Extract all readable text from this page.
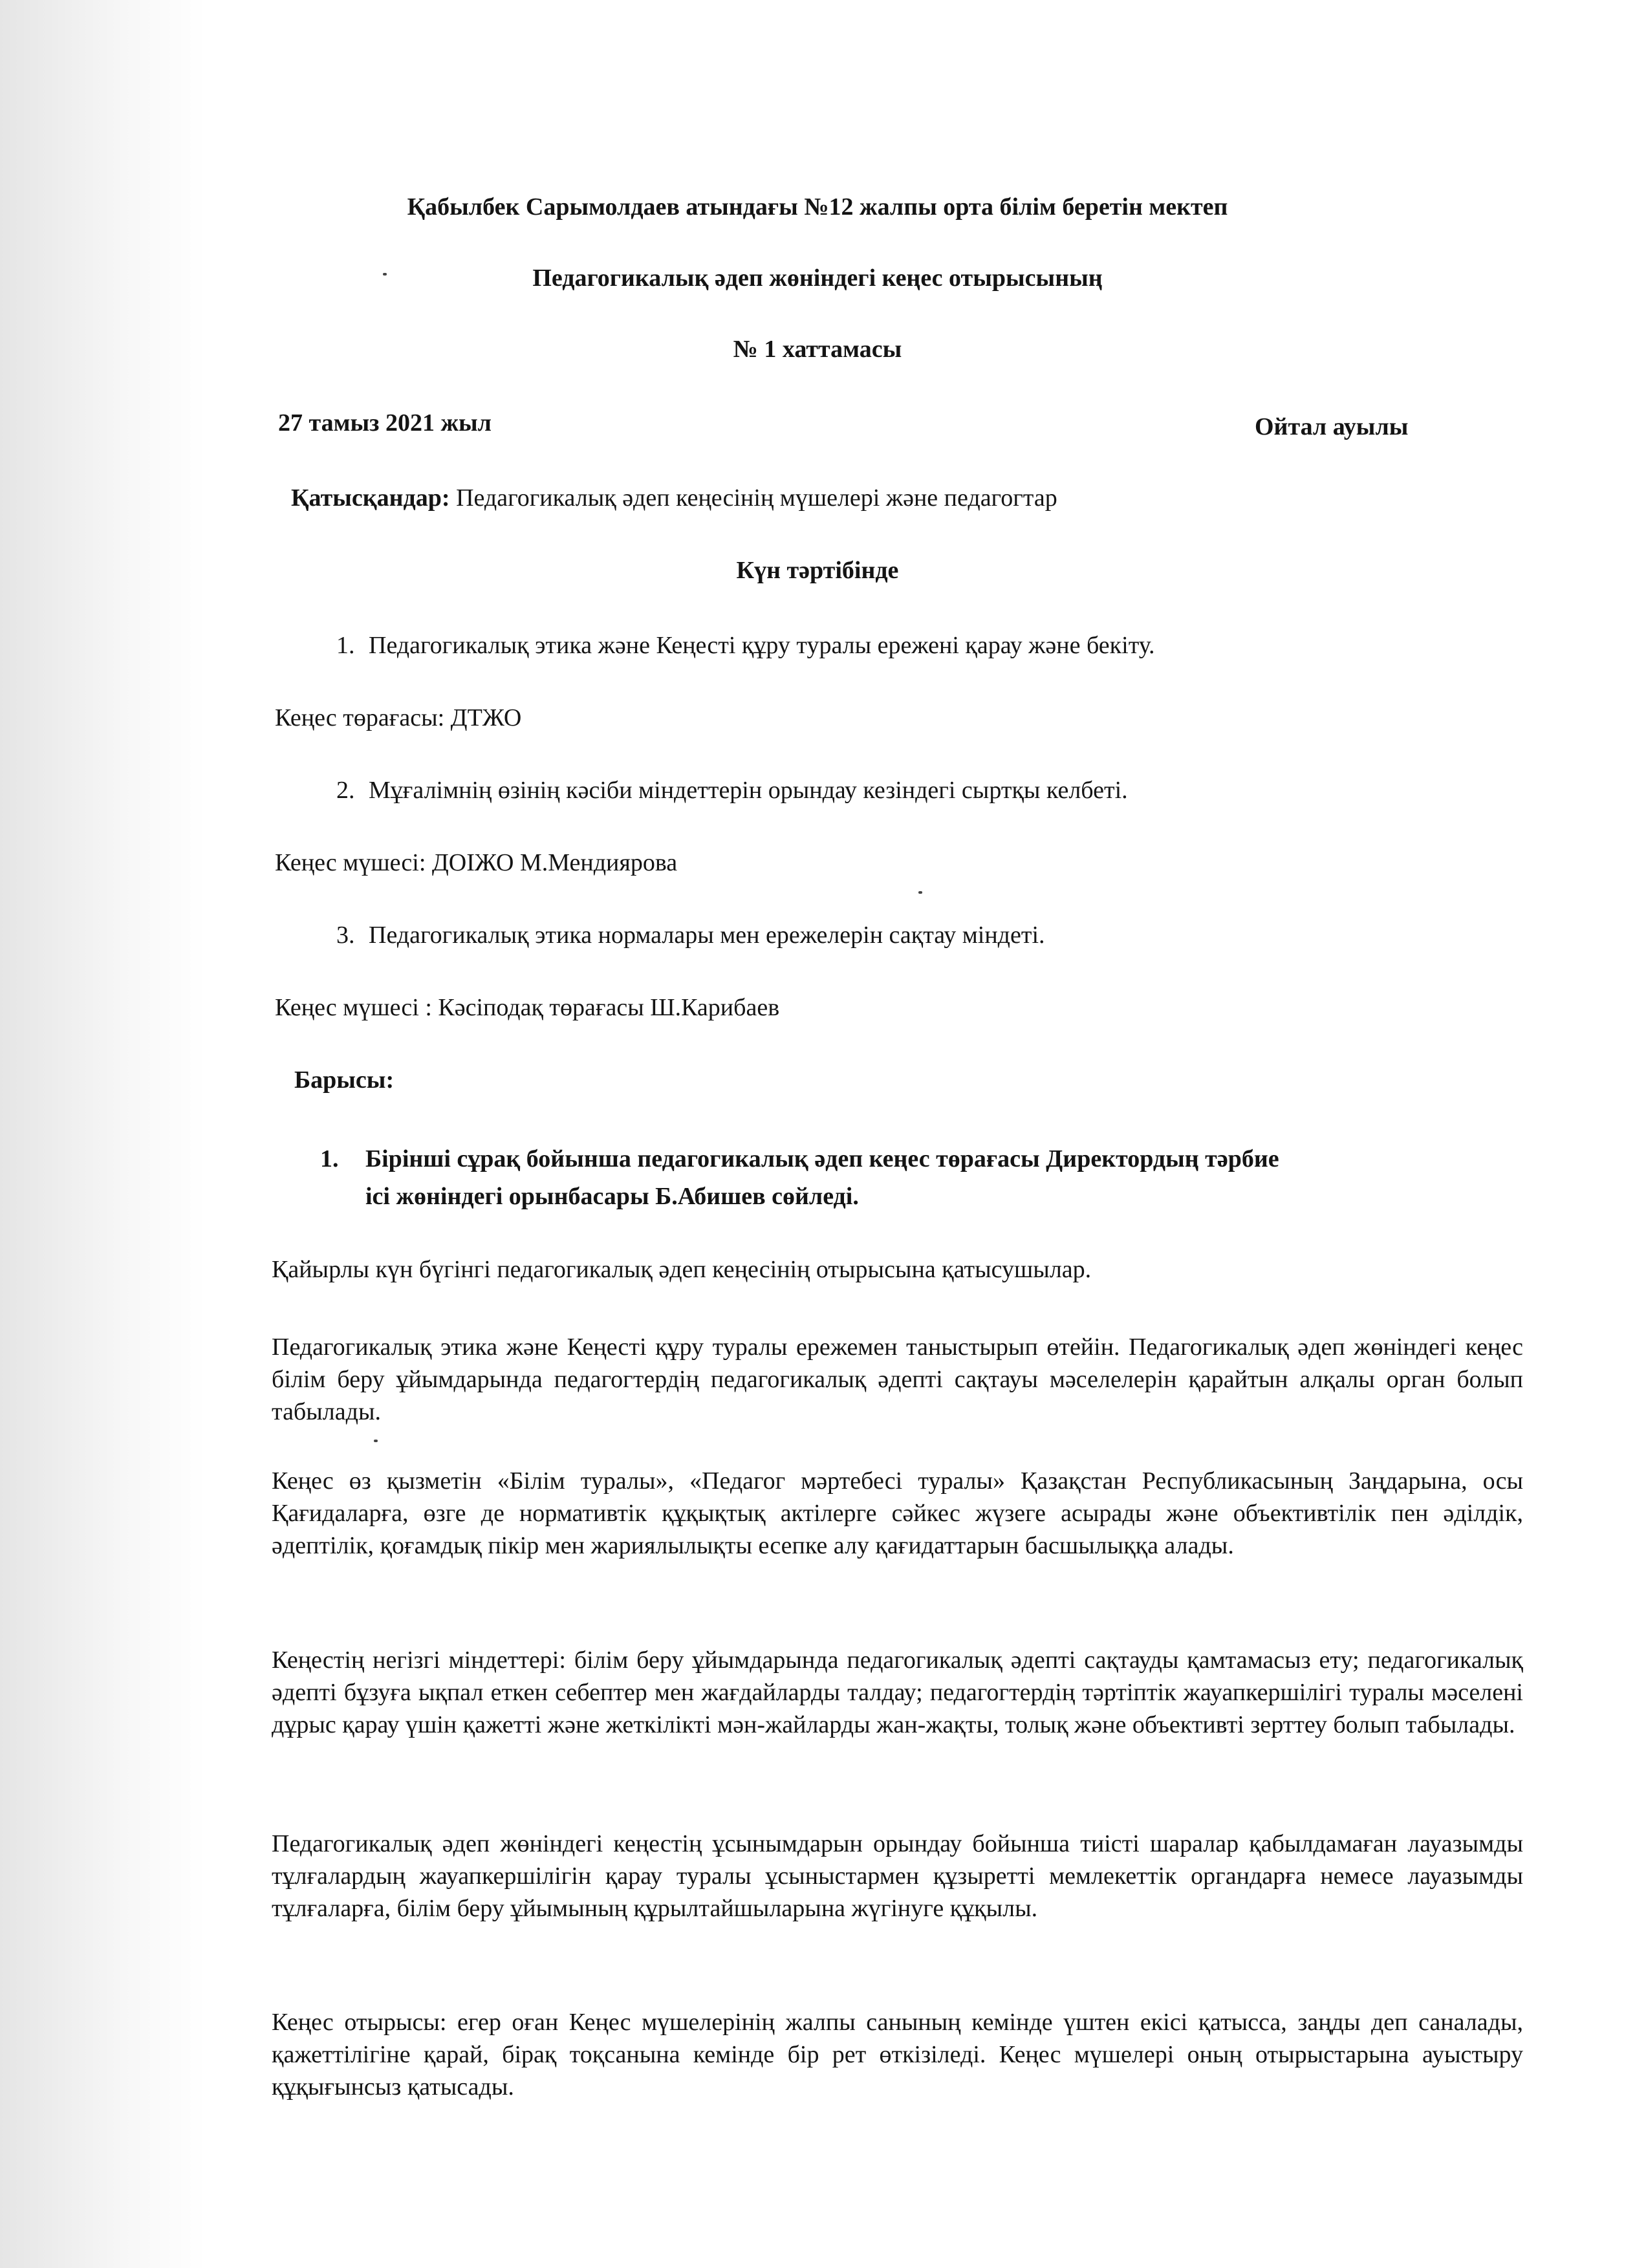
Қабылбек Сарымолдаев атындағы №12 жалпы орта білім беретін мектеп
Педагогикалық әдеп жөніндегі кеңес отырысының
№ 1 хаттамасы
27 тамыз 2021 жыл	Ойтал ауылы
Қатысқандар: Педагогикалық әдеп кеңесінің мүшелері және педагогтар
Күн тәртібінде
1. Педагогикалық этика және Кеңесті құру туралы ережені қарау және бекіту.
Кеңес төрағасы: ДТЖО
2. Мұғалімнің өзінің кәсіби міндеттерін орындау кезіндегі сыртқы келбеті.
Кеңес мүшесі: ДОІЖО М.Мендиярова
3. Педагогикалық этика нормалары мен ережелерін сақтау міндеті.
Кеңес мүшесі : Кәсіподақ төрағасы Ш.Карибаев
Барысы:
1. Бірінші сұрақ бойынша педагогикалық әдеп кеңес төрағасы Директордың тәрбие
ісі жөніндегі орынбасары Б.Абишев сөйледі.
Қайырлы күн бүгінгі педагогикалық әдеп кеңесінің отырысына қатысушылар.
Педагогикалық этика және Кеңесті құру туралы ережемен таныстырып өтейін. Педагогикалық әдеп жөніндегі кеңес білім беру ұйымдарында педагогтердің педагогикалық әдепті сақтауы мәселелерін қарайтын алқалы орган болып табылады.
Кеңес өз қызметін «Білім туралы», «Педагог мәртебесі туралы» Қазақстан Республикасының Заңдарына, осы Қағидаларға, өзге де нормативтік құқықтық актілерге сәйкес жүзеге асырады және объективтілік пен әділдік, әдептілік, қоғамдық пікір мен жариялылықты есепке алу қағидаттарын басшылыққа алады.
Кеңестің негізгі міндеттері: білім беру ұйымдарында педагогикалық әдепті сақтауды қамтамасыз ету; педагогикалық әдепті бұзуға ықпал еткен себептер мен жағдайларды талдау; педагогтердің тәртіптік жауапкершілігі туралы мәселені дұрыс қарау үшін қажетті және жеткілікті мән-жайларды жан-жақты, толық және объективті зерттеу болып табылады.
Педагогикалық әдеп жөніндегі кеңестің ұсынымдарын орындау бойынша тиісті шаралар қабылдамаған лауазымды тұлғалардың жауапкершілігін қарау туралы ұсыныстармен құзыретті мемлекеттік органдарға немесе лауазымды тұлғаларға, білім беру ұйымының құрылтайшыларына жүгінуге құқылы.
Кеңес отырысы: егер оған Кеңес мүшелерінің жалпы санының кемінде үштен екісі қатысса, заңды деп саналады, қажеттілігіне қарай, бірақ тоқсанына кемінде бір рет өткізіледі. Кеңес мүшелері оның отырыстарына ауыстыру құқығынсыз қатысады.
